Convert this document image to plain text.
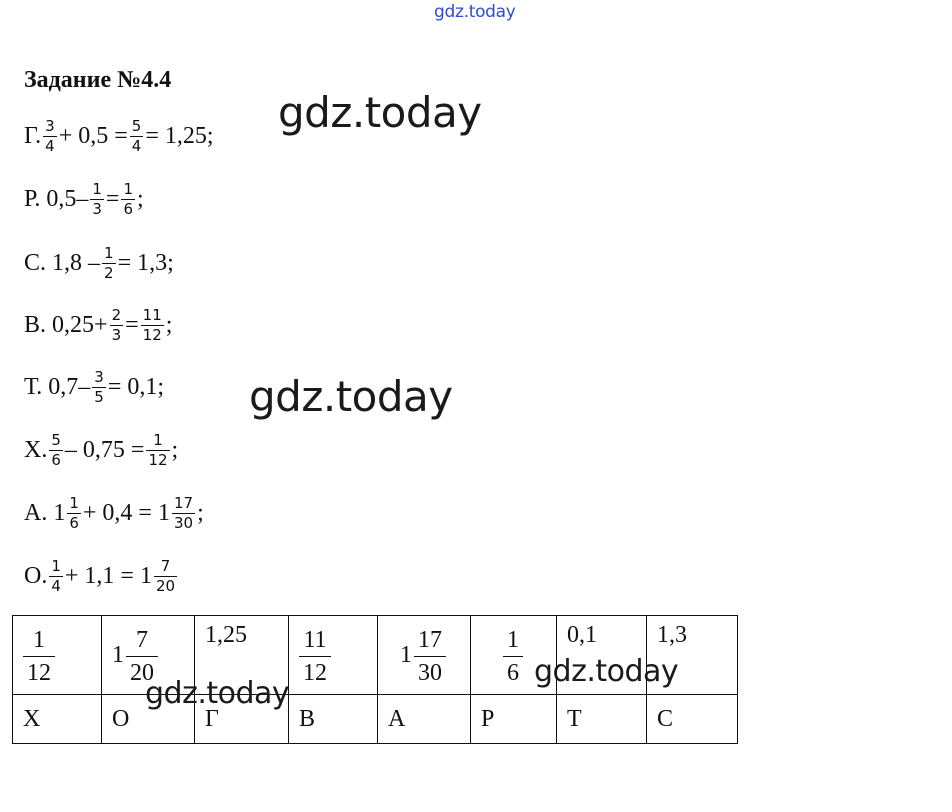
gdz.today
Задание №4.4
Г. $\frac{3}{4} + 0,5 = \frac{5}{4} = 1,25$;
Р.
$0,5- \frac{1}{3} = \frac{1}{6}$ ;
С.
$1,8 - \frac{1}{2} = 1,3$;
В.
$0,25+ \frac{2}{3} = \frac{11}{12}$ ;
Т.
$0,7- \frac{3}{5} = 0,1$;
Х. $\frac{5}{6} - 0,75 = \frac{1}{12}$ ;
А.
$1 \frac{1}{6} + 0,4 = 1 \frac{17}{30}$ ;
О. $\frac{1}{4} + 1,1 = 1 \frac{7}{20}$
$\frac{1}{12}$	$1 \frac{7}{20}$	1,25	$\frac{11}{12}$	$1 \frac{17}{30}$	$\frac{1}{6}$	0,1	1,3

Х	О	Г	В	А	Р	Т	С
gdz.today
gdz.today
gdz.today
gdz.today
